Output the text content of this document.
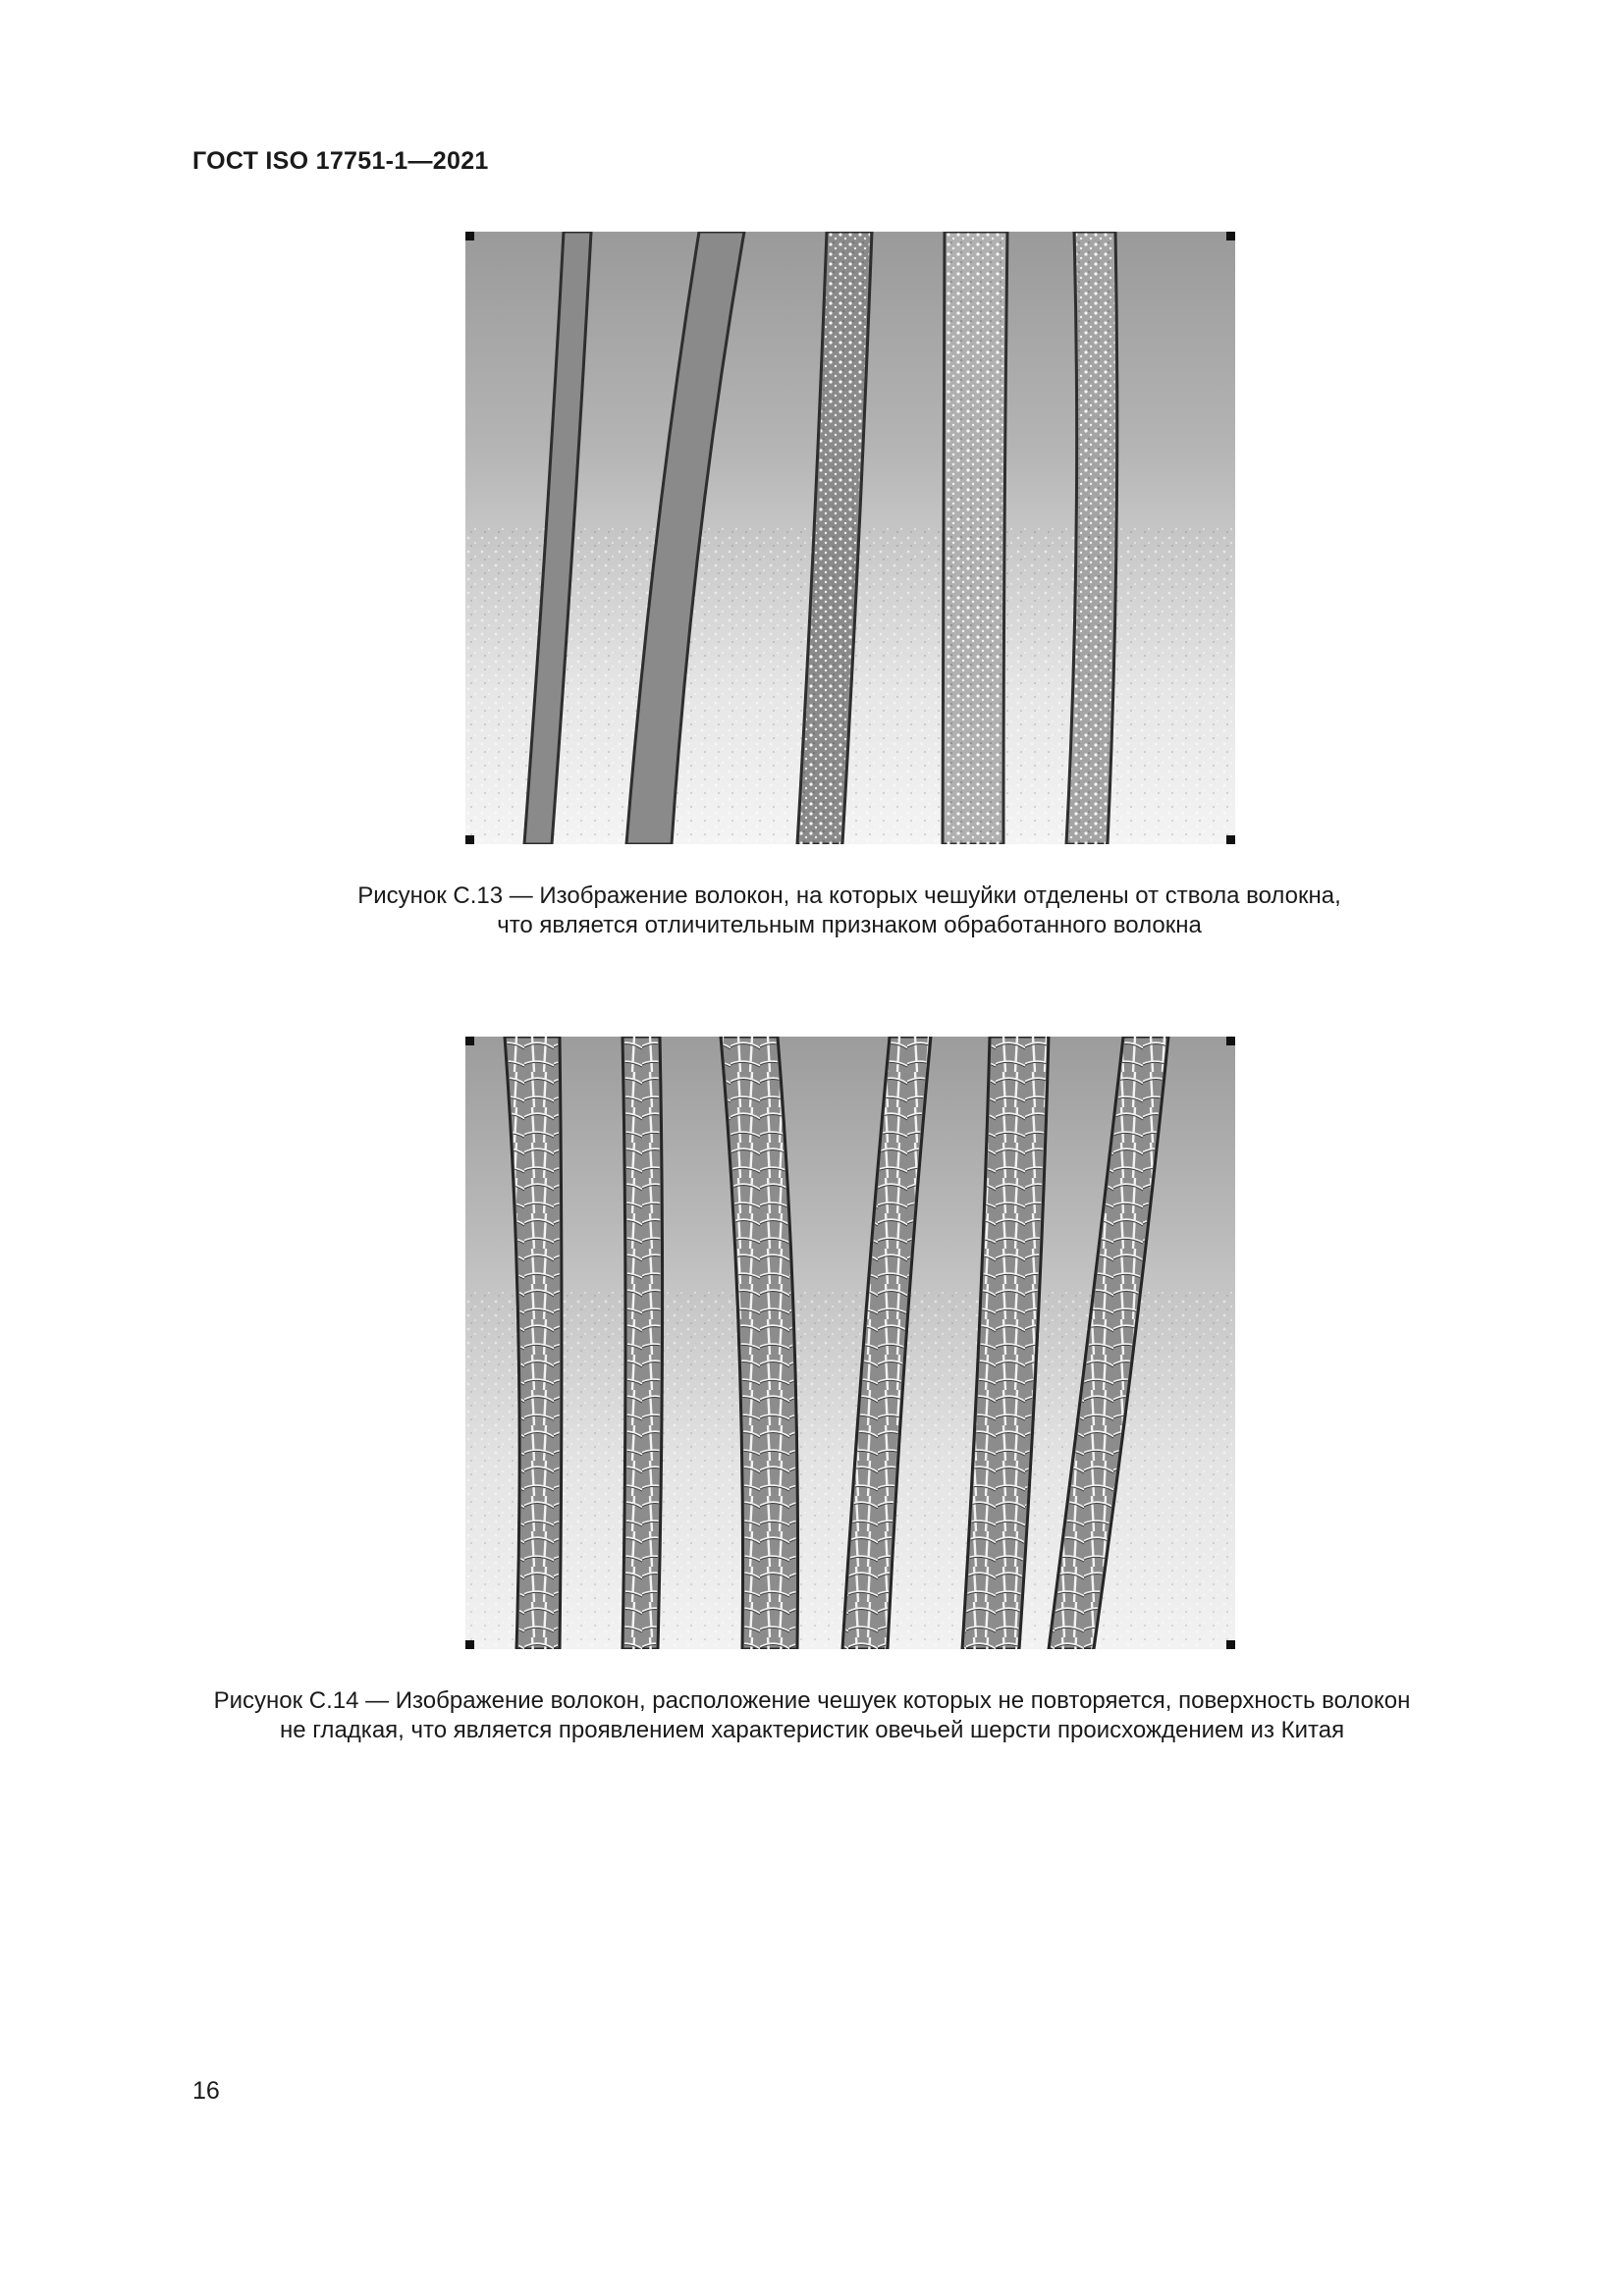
ГОСТ ISO 17751-1—2021
Рисунок С.13 — Изображение волокон, на которых чешуйки отделены от ствола волокна,
что является отличительным признаком обработанного волокна
Рисунок С.14 — Изображение волокон, расположение чешуек которых не повторяется, поверхность волокон
не гладкая, что является проявлением характеристик овечьей шерсти происхождением из Китая
16
